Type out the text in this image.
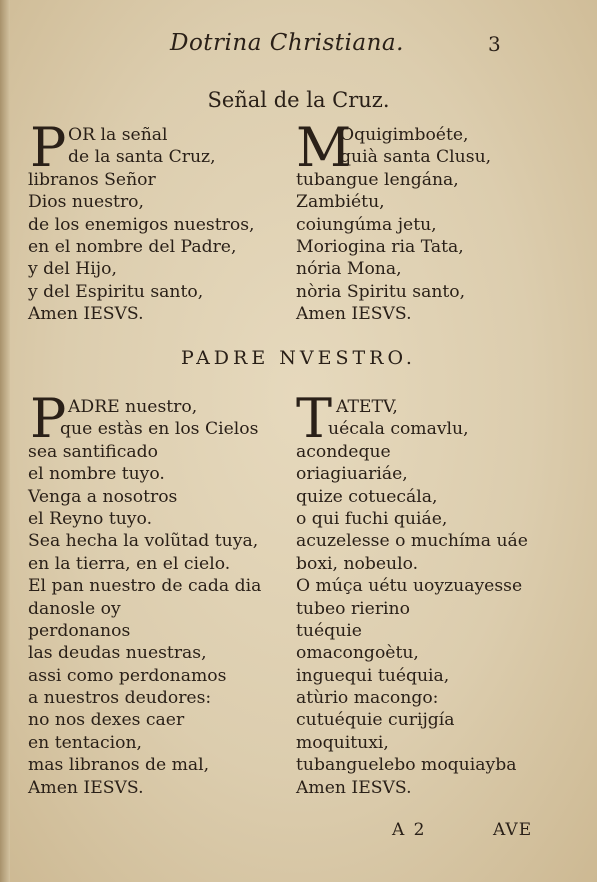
Dotrina Christiana.	3
Señal de la Cruz.
P OR la señal
de la santa Cruz,
libranos Señor
Dios nuestro,
de los enemigos nuestros,
en el nombre del Padre,
y del Hijo,
y del Espiritu santo,
Amen IESVS.
M
Oquigimboéte,
quià santa Clusu,
tubangue lengána,
Zambiétu,
coiungúma jetu,
Moriogina ria Tata,
nória Mona,
nòria Spiritu santo,
Amen IESVS.
PADRE NVESTRO.
P ADRE nuestro,
que estàs en los Cielos
sea santificado
el nombre tuyo.
Venga a nosotros
el Reyno tuyo.
Sea hecha la volũtad tuya,
en la tierra, en el cielo.
El pan nuestro de cada dia
danosle oy
perdonanos
las deudas nuestras,
assi como perdonamos
a nuestros deudores:
no nos dexes caer
en tentacion,
mas libranos de mal,
Amen IESVS.
T ATETV,
uécala comavlu,
acondeque
oriagiuariáe,
quize cotuecála,
o qui fuchi quiáe,
acuzelesse o muchíma uáe
boxi, nobeulo.
O múça uétu uoyzuayesse
tubeo rierino
tuéquie
omacongoètu,
inguequi tuéquia,
atùrio macongo:
cutuéquie curijgía
moquituxi,
tubanguelebo moquiayba
Amen IESVS.
A 2	AVE
